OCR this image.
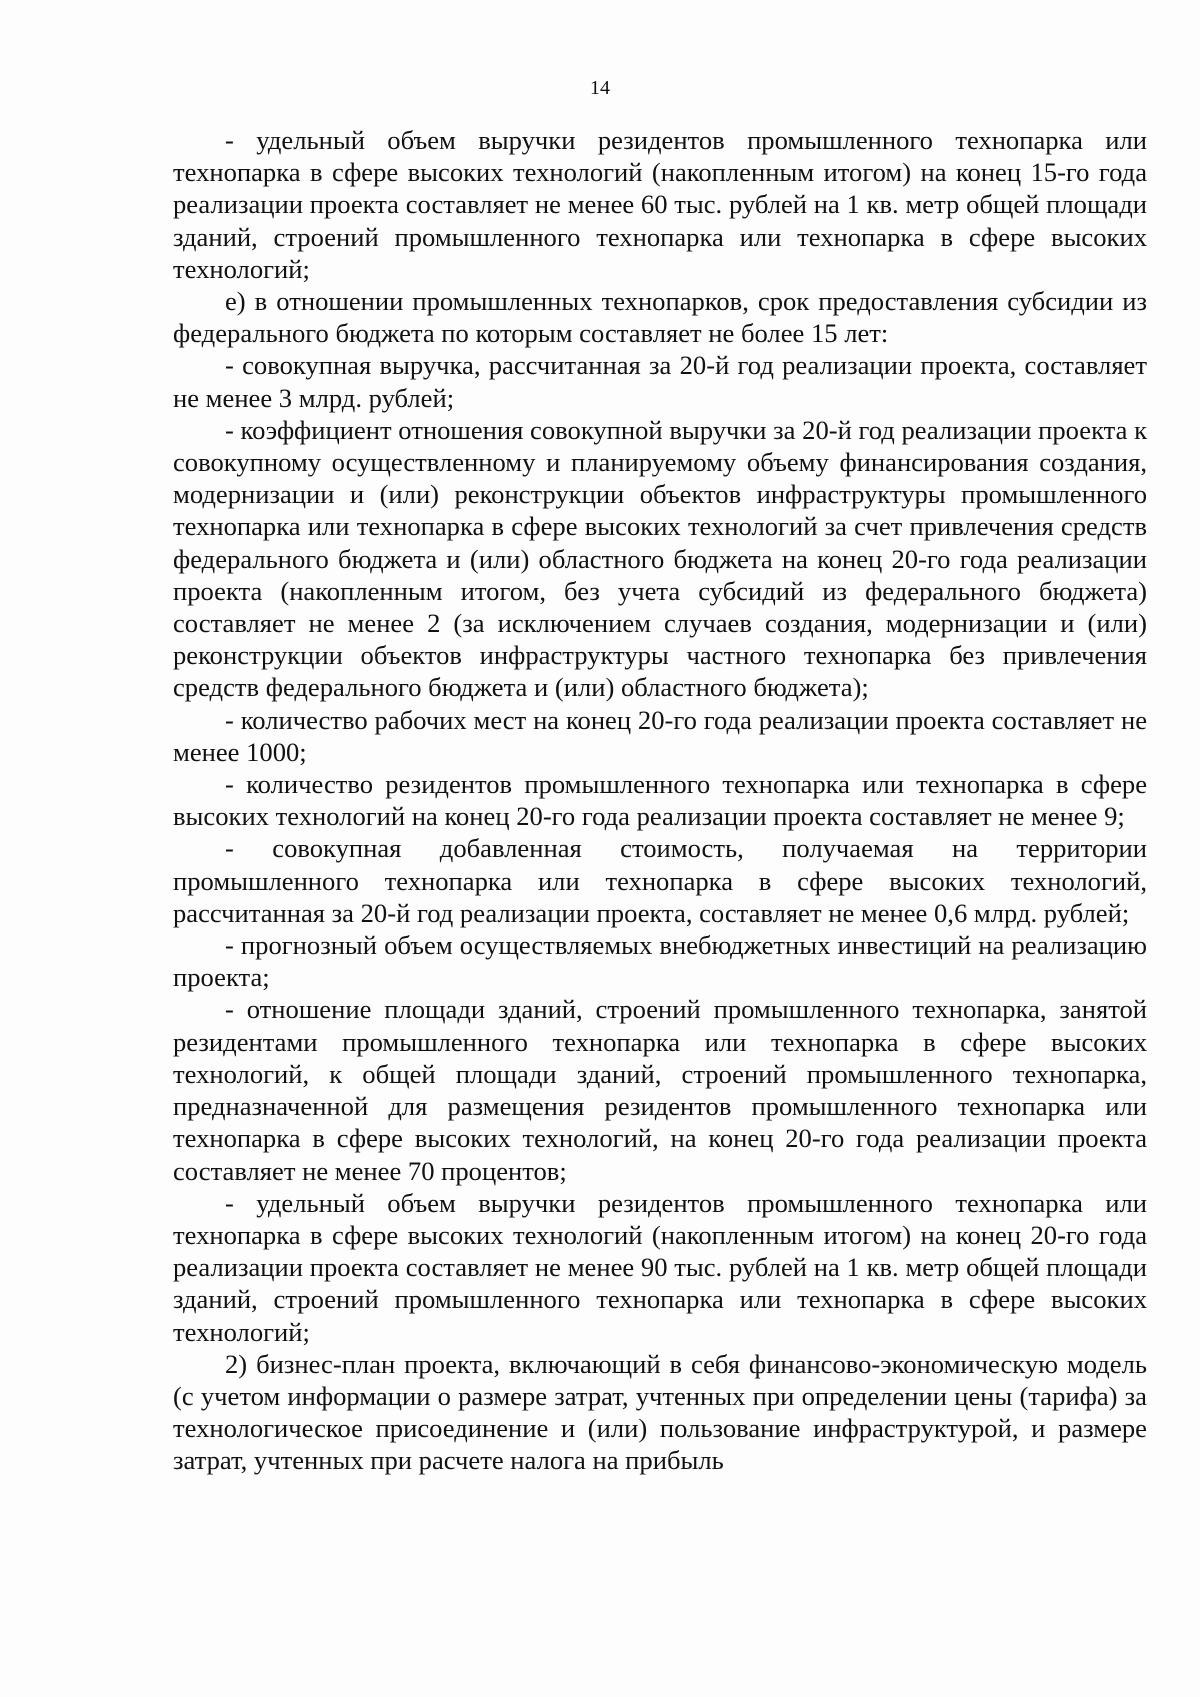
14

- удельный объем выручки резидентов промышленного технопарка или технопарка в сфере высоких технологий (накопленным итогом) на конец 15-го года реализации проекта составляет не менее 60 тыс. рублей на 1 кв. метр общей площади зданий, строений промышленного технопарка или технопарка в сфере высоких технологий;

е) в отношении промышленных технопарков, срок предоставления субсидии из федерального бюджета по которым составляет не более 15 лет:

- совокупная выручка, рассчитанная за 20-й год реализации проекта, составляет не менее 3 млрд. рублей;

- коэффициент отношения совокупной выручки за 20-й год реализации проекта к совокупному осуществленному и планируемому объему финансирования создания, модернизации и (или) реконструкции объектов инфраструктуры промышленного технопарка или технопарка в сфере высоких технологий за счет привлечения средств федерального бюджета и (или) областного бюджета на конец 20-го года реализации проекта (накопленным итогом, без учета субсидий из федерального бюджета) составляет не менее 2 (за исключением случаев создания, модернизации и (или) реконструкции объектов инфраструктуры частного технопарка без привлечения средств федерального бюджета и (или) областного бюджета);

- количество рабочих мест на конец 20-го года реализации проекта составляет не менее 1000;

- количество резидентов промышленного технопарка или технопарка в сфере высоких технологий на конец 20-го года реализации проекта составляет не менее 9;

- совокупная добавленная стоимость, получаемая на территории промышленного технопарка или технопарка в сфере высоких технологий, рассчитанная за 20-й год реализации проекта, составляет не менее 0,6 млрд. рублей;

- прогнозный объем осуществляемых внебюджетных инвестиций на реализацию проекта;

- отношение площади зданий, строений промышленного технопарка, занятой резидентами промышленного технопарка или технопарка в сфере высоких технологий, к общей площади зданий, строений промышленного технопарка, предназначенной для размещения резидентов промышленного технопарка или технопарка в сфере высоких технологий, на конец 20-го года реализации проекта составляет не менее 70 процентов;

- удельный объем выручки резидентов промышленного технопарка или технопарка в сфере высоких технологий (накопленным итогом) на конец 20-го года реализации проекта составляет не менее 90 тыс. рублей на 1 кв. метр общей площади зданий, строений промышленного технопарка или технопарка в сфере высоких технологий;

2) бизнес-план проекта, включающий в себя финансово-экономическую модель (с учетом информации о размере затрат, учтенных при определении цены (тарифа) за технологическое присоединение и (или) пользование инфраструктурой, и размере затрат, учтенных при расчете налога на прибыль
